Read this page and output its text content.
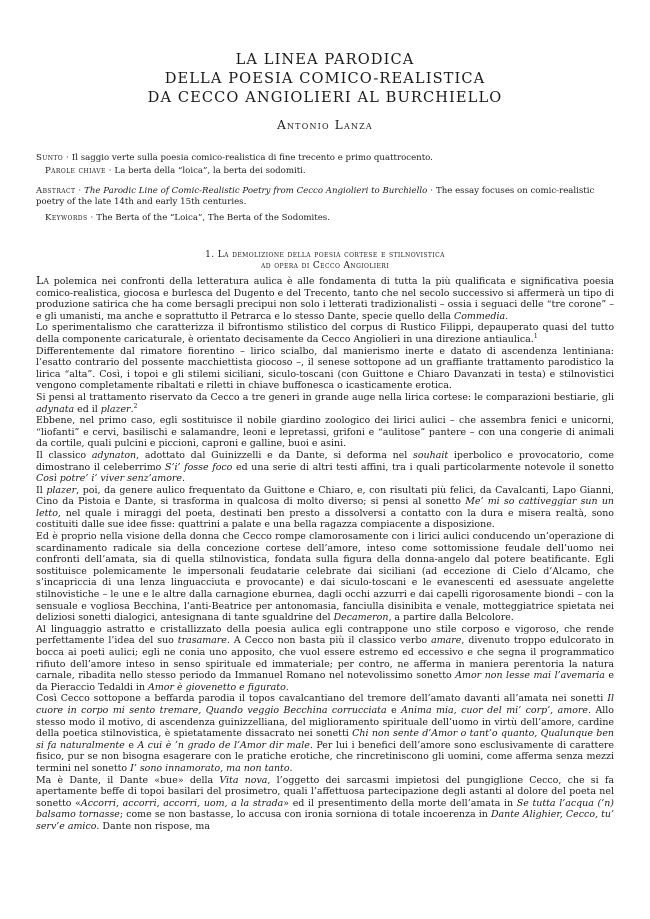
LA LINEA PARODICA
DELLA POESIA COMICO-REALISTICA
DA CECCO ANGIOLIERI AL BURCHIELLO
Antonio Lanza
Sunto · Il saggio verte sulla poesia comico-realistica di fine trecento e primo quattrocento.
Parole chiave · La berta della “loica”, la berta dei sodomiti.
Abstract · The Parodic Line of Comic-Realistic Poetry from Cecco Angiolieri to Burchiello · The essay focuses on comic-realistic poetry of the late 14th and early 15th centuries.
Keywords · The Berta of the “Loica”, The Berta of the Sodomites.
1. La demolizione della poesia cortese e stilnovistica
ad opera di Cecco Angiolieri

La polemica nei confronti della letteratura aulica è alle fondamenta di tutta la più qualificata e significativa poesia comico-realistica, giocosa e burlesca del Dugento e del Trecento, tanto che nel secolo successivo si affermerà un tipo di produzione satirica che ha come bersagli precipui non solo i letterati tradizionalisti – ossia i seguaci delle “tre corone” – e gli umanisti, ma anche e soprattutto il Petrarca e lo stesso Dante, specie quello della Commedia.

Lo sperimentalismo che caratterizza il bifrontismo stilistico del corpus di Rustico Filippi, depauperato quasi del tutto della componente caricaturale, è orientato decisamente da Cecco Angiolieri in una direzione antiaulica.$^1$

Differentemente dal rimatore fiorentino – lirico scialbo, dal manierismo inerte e datato di ascendenza lentiniana: l’esatto contrario del possente macchiettista giocoso –, il senese sottopone ad un graffiante trattamento parodistico la lirica “alta”. Così, i topoi e gli stilemi siciliani, siculo-toscani (con Guittone e Chiaro Davanzati in testa) e stilnovistici vengono completamente ribaltati e riletti in chiave buffonesca o icasticamente erotica.

Si pensi al trattamento riservato da Cecco a tre generi in grande auge nella lirica cortese: le comparazioni bestiarie, gli adynata ed il plazer.$^2$

Ebbene, nel primo caso, egli sostituisce il nobile giardino zoologico dei lirici aulici – che assembra fenici e unicorni, “liofanti” e cervi, basilischi e salamandre, leoni e lepretassi, grifoni e “aulitose” pantere – con una congerie di animali da cortile, quali pulcini e piccioni, caproni e galline, buoi e asini.

Il classico adynaton, adottato dal Guinizzelli e da Dante, si deforma nel souhait iperbolico e provocatorio, come dimostrano il celeberrimo S’i’ fosse foco ed una serie di altri testi affini, tra i quali particolarmente notevole il sonetto Così potre’ i’ viver senz’amore.

Il plazer, poi, da genere aulico frequentato da Guittone e Chiaro, e, con risultati più felici, da Cavalcanti, Lapo Gianni, Cino da Pistoia e Dante, si trasforma in qualcosa di molto diverso; si pensi al sonetto Me’ mi so cattiveggiar sun un letto, nel quale i miraggi del poeta, destinati ben presto a dissolversi a contatto con la dura e misera realtà, sono costituiti dalle sue idee fisse: quattrini a palate e una bella ragazza compiacente a disposizione.

Ed è proprio nella visione della donna che Cecco rompe clamorosamente con i lirici aulici conducendo un’operazione di scardinamento radicale sia della concezione cortese dell’amore, inteso come sottomissione feudale dell’uomo nei confronti dell’amata, sia di quella stilnovistica, fondata sulla figura della donna-angelo dal potere beatificante. Egli sostituisce polemicamente le impersonali feudatarie celebrate dai siciliani (ad eccezione di Cielo d’Alcamo, che s’incapriccia di una lenza linguacciuta e provocante) e dai siculo-toscani e le evanescenti ed asessuate angelette stilnovistiche – le une e le altre dalla carnagione eburnea, dagli occhi azzurri e dai capelli rigorosamente biondi – con la sensuale e vogliosa Becchina, l’anti-Beatrice per antonomasia, fanciulla disinibita e venale, motteggiatrice spietata nei deliziosi sonetti dialogici, antesignana di tante sgualdrine del Decameron, a partire dalla Belcolore.

Al linguaggio astratto e cristallizzato della poesia aulica egli contrappone uno stile corposo e vigoroso, che rende perfettamente l’idea del suo trasamare. A Cecco non basta più il classico verbo amare, divenuto troppo edulcorato in bocca ai poeti aulici; egli ne conia uno apposito, che vuol essere estremo ed eccessivo e che segna il programmatico rifiuto dell’amore inteso in senso spirituale ed immateriale; per contro, ne afferma in maniera perentoria la natura carnale, ribadita nello stesso periodo da Immanuel Romano nel notevolissimo sonetto Amor non lesse mai l’avemaria e da Pieraccio Tedaldi in Amor è giovenetto e figurato.

Così Cecco sottopone a beffarda parodia il topos cavalcantiano del tremore dell’amato davanti all’amata nei sonetti Il cuore in corpo mi sento tremare, Quando veggio Becchina corrucciata e Anima mia, cuor del mi’ corp’, amore. Allo stesso modo il motivo, di ascendenza guinizzelliana, del miglioramento spirituale dell’uomo in virtù dell’amore, cardine della poetica stilnovistica, è spietatamente dissacrato nei sonetti Chi non sente d’Amor o tant’o quanto, Qualunque ben si fa naturalmente e A cui è ’n grado de l’Amor dir male. Per lui i benefici dell’amore sono esclusivamente di carattere fisico, pur se non bisogna esagerare con le pratiche erotiche, che rincretiniscono gli uomini, come afferma senza mezzi termini nel sonetto I’ sono innamorato, ma non tanto.

Ma è Dante, il Dante «bue» della Vita nova, l’oggetto dei sarcasmi impietosi del pungiglione Cecco, che si fa apertamente beffe di topoi basilari del prosimetro, quali l’affettuosa partecipazione degli astanti al dolore del poeta nel sonetto «Accorri, accorri, accorri, uom, a la strada» ed il presentimento della morte dell’amata in Se tutta l’acqua (’n) balsamo tornasse; come se non bastasse, lo accusa con ironia sorniona di totale incoerenza in Dante Alighier, Cecco, tu’ serv’e amico. Dante non rispose, ma
